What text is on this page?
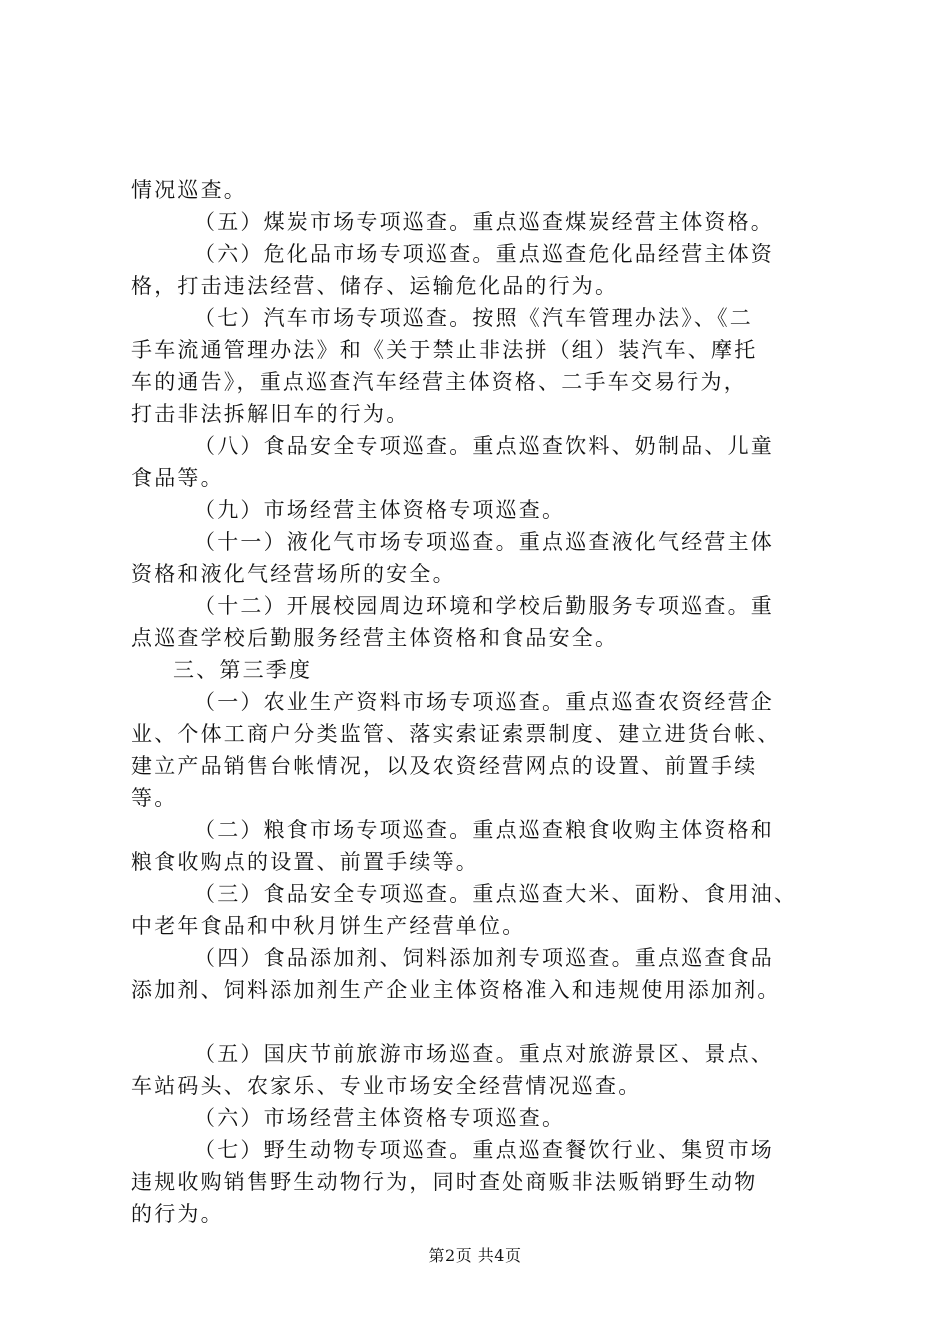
情况巡查。
（五）煤炭市场专项巡查。重点巡查煤炭经营主体资格。
（六）危化品市场专项巡查。重点巡查危化品经营主体资
格，打击违法经营、储存、运输危化品的行为。
（七）汽车市场专项巡查。按照《汽车管理办法》、《二
手车流通管理办法》和《关于禁止非法拼（组）装汽车、摩托
车的通告》，重点巡查汽车经营主体资格、二手车交易行为，
打击非法拆解旧车的行为。
（八）食品安全专项巡查。重点巡查饮料、奶制品、儿童
食品等。
（九）市场经营主体资格专项巡查。
（十一）液化气市场专项巡查。重点巡查液化气经营主体
资格和液化气经营场所的安全。
（十二）开展校园周边环境和学校后勤服务专项巡查。重
点巡查学校后勤服务经营主体资格和食品安全。
三、第三季度
（一）农业生产资料市场专项巡查。重点巡查农资经营企
业、个体工商户分类监管、落实索证索票制度、建立进货台帐、
建立产品销售台帐情况，以及农资经营网点的设置、前置手续
等。
（二）粮食市场专项巡查。重点巡查粮食收购主体资格和
粮食收购点的设置、前置手续等。
（三）食品安全专项巡查。重点巡查大米、面粉、食用油、
中老年食品和中秋月饼生产经营单位。
（四）食品添加剂、饲料添加剂专项巡查。重点巡查食品
添加剂、饲料添加剂生产企业主体资格准入和违规使用添加剂。
（五）国庆节前旅游市场巡查。重点对旅游景区、景点、
车站码头、农家乐、专业市场安全经营情况巡查。
（六）市场经营主体资格专项巡查。
（七）野生动物专项巡查。重点巡查餐饮行业、集贸市场
违规收购销售野生动物行为，同时查处商贩非法贩销野生动物
的行为。
第2页 共4页
